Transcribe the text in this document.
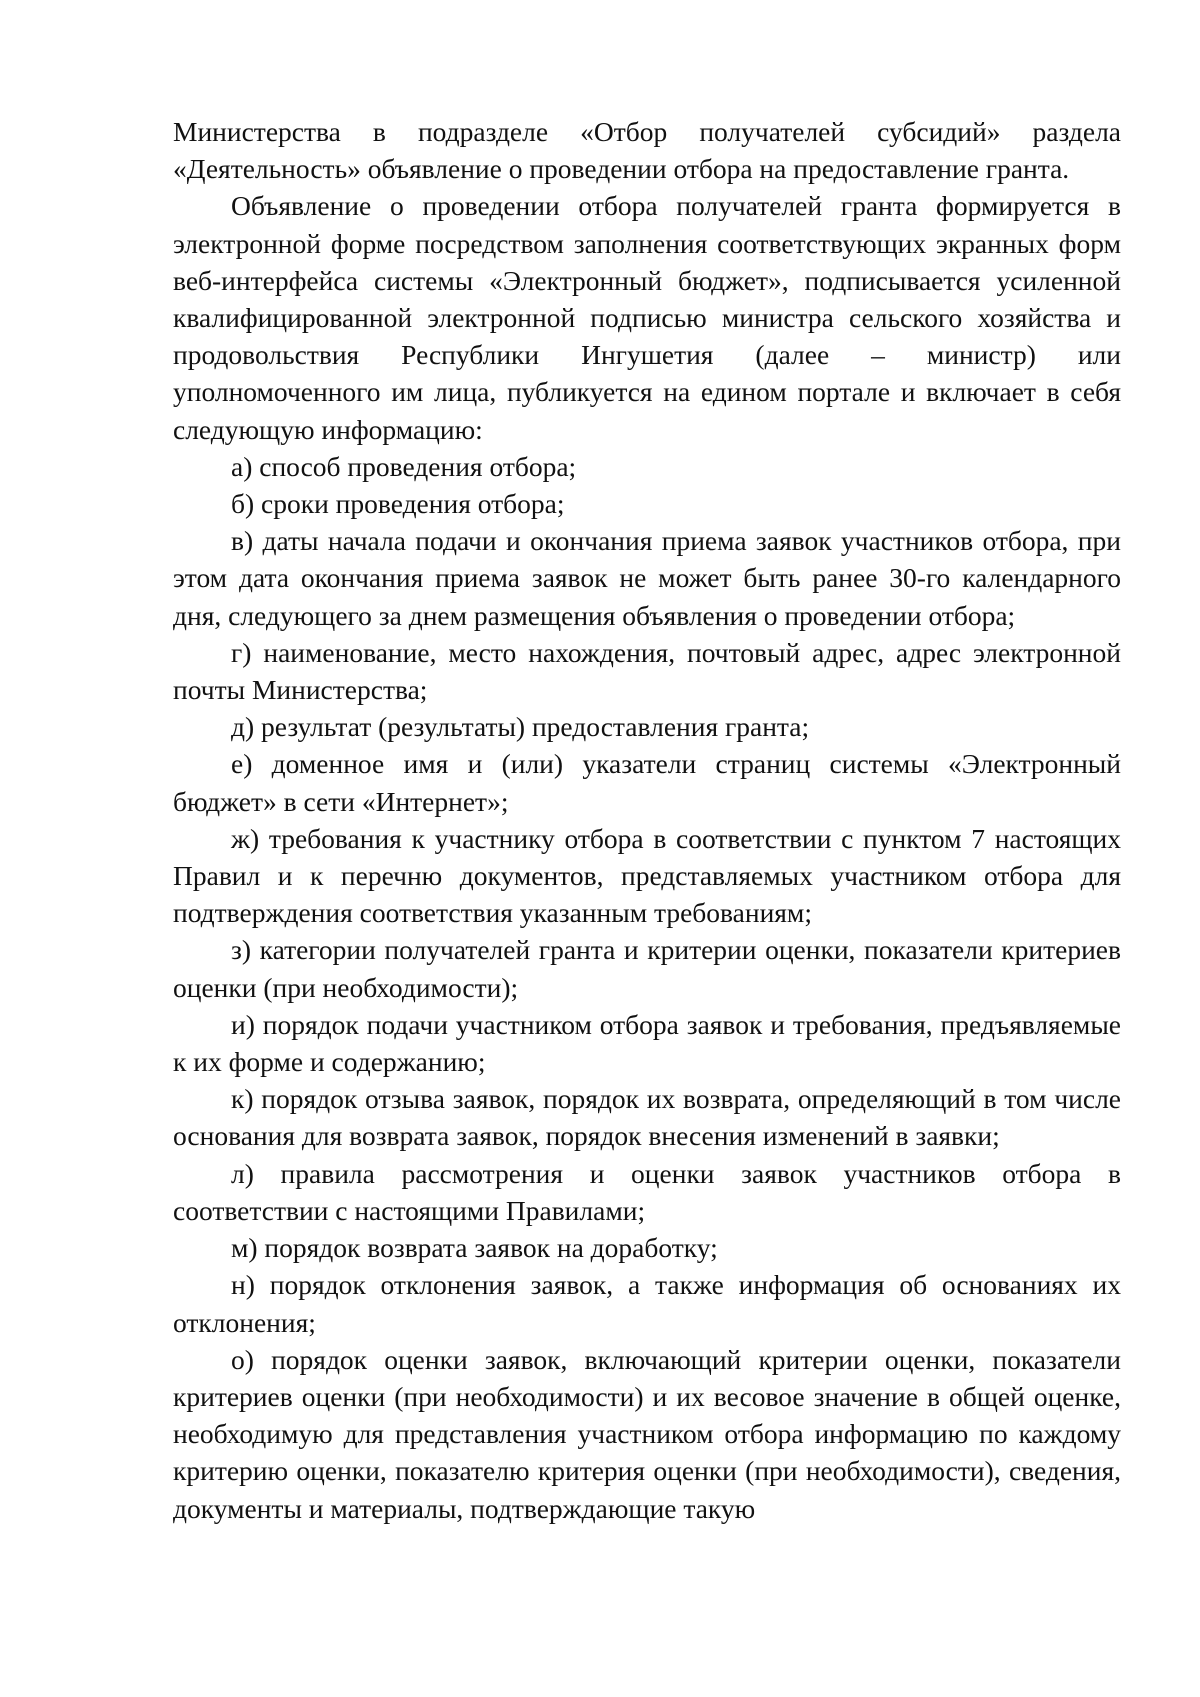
Министерства в подразделе «Отбор получателей субсидий» раздела «Деятельность» объявление о проведении отбора на предоставление гранта.

Объявление о проведении отбора получателей гранта формируется в электронной форме посредством заполнения соответствующих экранных форм веб-интерфейса системы «Электронный бюджет», подписывается усиленной квалифицированной электронной подписью министра сельского хозяйства и продовольствия Республики Ингушетия (далее – министр) или уполномоченного им лица, публикуется на едином портале и включает в себя следующую информацию:

а) способ проведения отбора;

б) сроки проведения отбора;

в) даты начала подачи и окончания приема заявок участников отбора, при этом дата окончания приема заявок не может быть ранее 30-го календарного дня, следующего за днем размещения объявления о проведении отбора;

г) наименование, место нахождения, почтовый адрес, адрес электронной почты Министерства;

д) результат (результаты) предоставления гранта;

е) доменное имя и (или) указатели страниц системы «Электронный бюджет» в сети «Интернет»;

ж) требования к участнику отбора в соответствии с пунктом 7 настоящих Правил и к перечню документов, представляемых участником отбора для подтверждения соответствия указанным требованиям;

з) категории получателей гранта и критерии оценки, показатели критериев оценки (при необходимости);

и) порядок подачи участником отбора заявок и требования, предъявляемые к их форме и содержанию;

к) порядок отзыва заявок, порядок их возврата, определяющий в том числе основания для возврата заявок, порядок внесения изменений в заявки;

л) правила рассмотрения и оценки заявок участников отбора в соответствии с настоящими Правилами;

м) порядок возврата заявок на доработку;

н) порядок отклонения заявок, а также информация об основаниях их отклонения;

о) порядок оценки заявок, включающий критерии оценки, показатели критериев оценки (при необходимости) и их весовое значение в общей оценке, необходимую для представления участником отбора информацию по каждому критерию оценки, показателю критерия оценки (при необходимости), сведения, документы и материалы, подтверждающие такую
